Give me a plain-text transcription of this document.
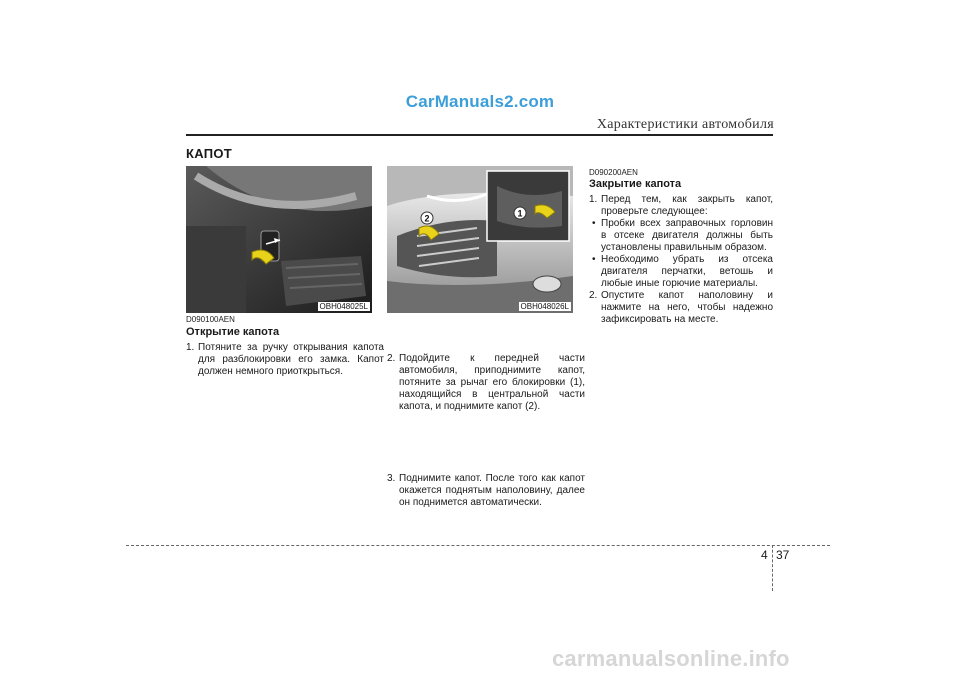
CarManuals2.com
Характеристики автомобиля
КАПОТ
OBH048025L
D090100AEN
Открытие капота
1. Потяните за ручку открывания капота для разблокировки его замка. Капот должен немного приоткрыться.
2	1
OBH048026L
2. Подойдите к передней части автомобиля, приподнимите капот, потяните за рычаг его блокировки (1), находящийся в центральной части капота, и поднимите капот (2).
3. Поднимите капот. После того как капот окажется поднятым наполовину, далее он поднимется автоматически.
D090200AEN
Закрытие капота
1. Перед тем, как закрыть капот, проверьте следующее:
• Пробки всех заправочных горловин в отсеке двигателя должны быть установлены правильным образом.
• Необходимо убрать из отсека двигателя перчатки, ветошь и любые иные горючие материалы.
2. Опустите капот наполовину и нажмите на него, чтобы надежно зафиксировать на месте.
4 37
carmanualsonline.info
